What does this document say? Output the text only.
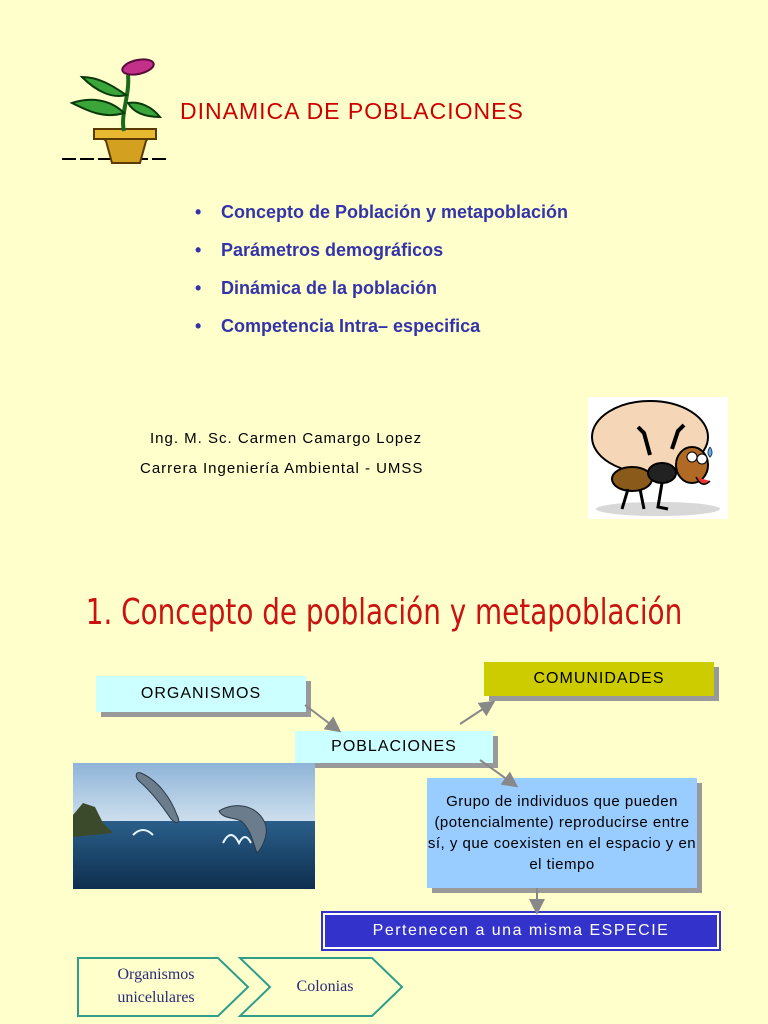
DINAMICA DE POBLACIONES
• Concepto de Población y metapoblación
• Parámetros demográficos
• Dinámica de la población
• Competencia Intra– especifica
Ing. M. Sc. Carmen Camargo Lopez
Carrera Ingeniería Ambiental - UMSS
1. Concepto de población y metapoblación
ORGANISMOS
COMUNIDADES
POBLACIONES
Grupo de individuos que pueden (potencialmente) reproducirse entre sí, y que coexisten en el espacio y en el tiempo
Pertenecen a una misma ESPECIE
Organismos
unicelulares
Colonias
